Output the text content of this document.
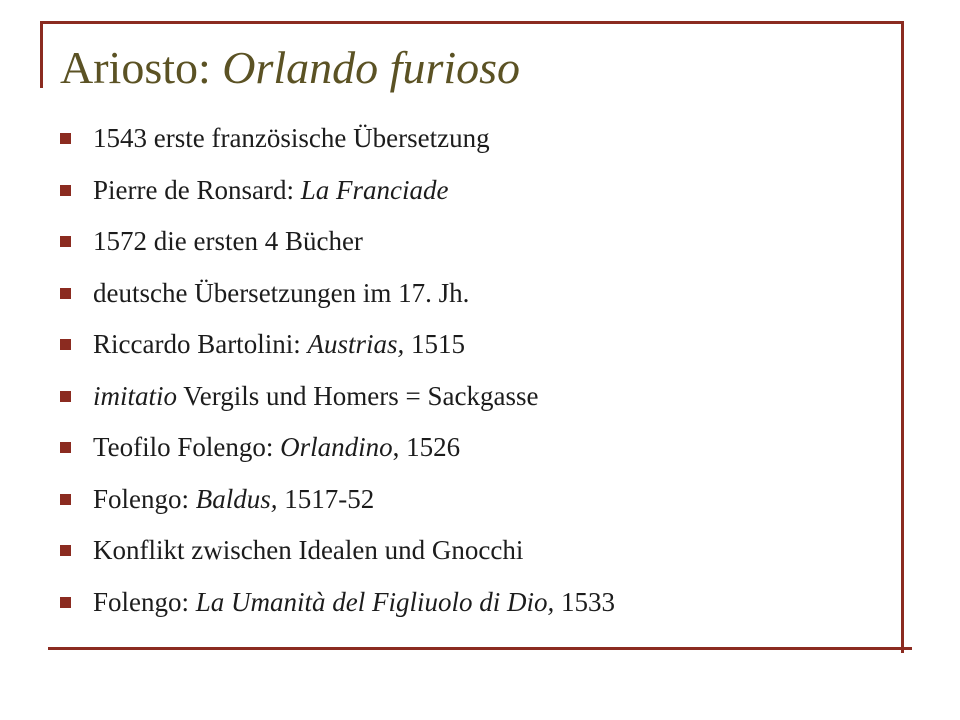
Ariosto: Orlando furioso
1543 erste französische Übersetzung
Pierre de Ronsard: La Franciade
1572 die ersten 4 Bücher
deutsche Übersetzungen im 17. Jh.
Riccardo Bartolini: Austrias, 1515
imitatio Vergils und Homers = Sackgasse
Teofilo Folengo: Orlandino, 1526
Folengo: Baldus, 1517-52
Konflikt zwischen Idealen und Gnocchi
Folengo: La Umanità del Figliuolo di Dio, 1533
